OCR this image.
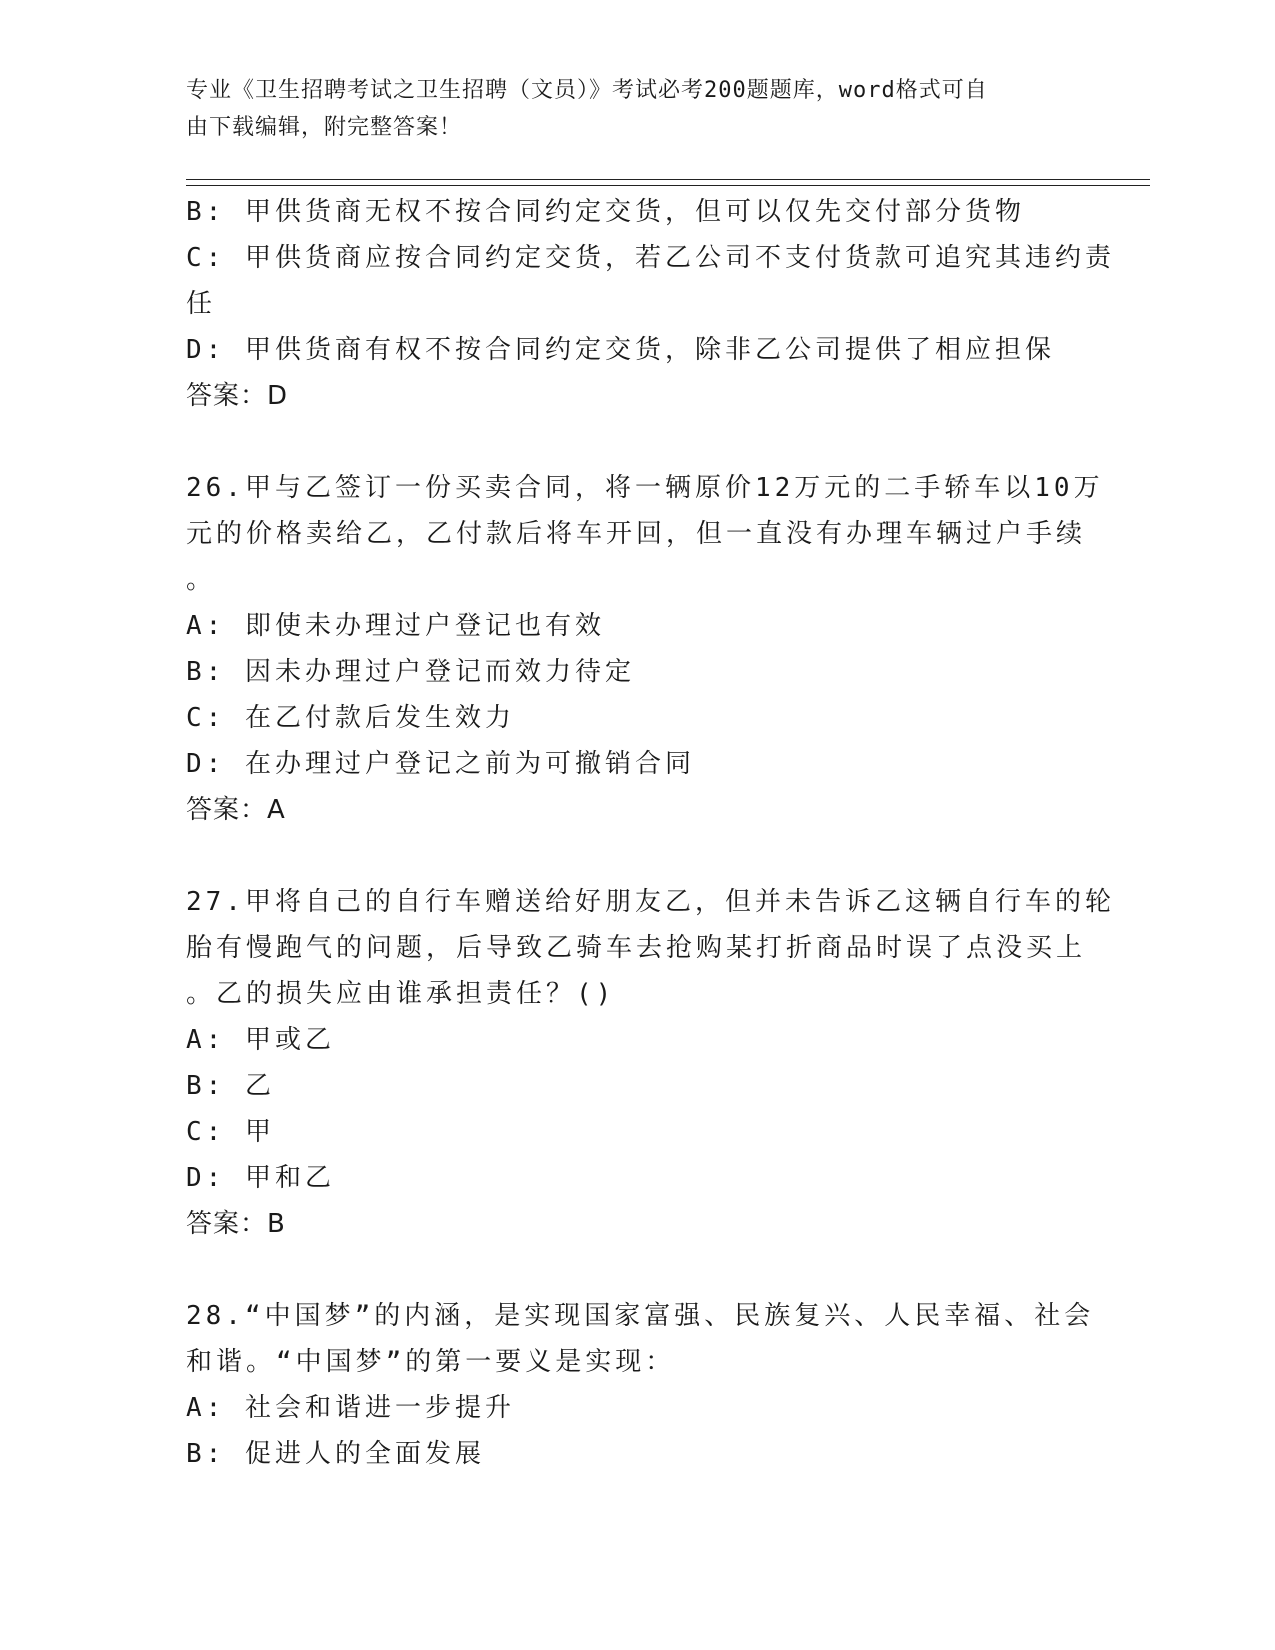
专业《卫生招聘考试之卫生招聘（文员）》考试必考200题题库，word格式可自
由下载编辑，附完整答案！
B: 甲供货商无权不按合同约定交货，但可以仅先交付部分货物
C: 甲供货商应按合同约定交货，若乙公司不支付货款可追究其违约责
任
D: 甲供货商有权不按合同约定交货，除非乙公司提供了相应担保
答案：D
26.甲与乙签订一份买卖合同，将一辆原价12万元的二手轿车以10万
元的价格卖给乙，乙付款后将车开回，但一直没有办理车辆过户手续
。
A: 即使未办理过户登记也有效
B: 因未办理过户登记而效力待定
C: 在乙付款后发生效力
D: 在办理过户登记之前为可撤销合同
答案：A
27.甲将自己的自行车赠送给好朋友乙，但并未告诉乙这辆自行车的轮
胎有慢跑气的问题，后导致乙骑车去抢购某打折商品时误了点没买上
。乙的损失应由谁承担责任？()
A: 甲或乙
B: 乙
C: 甲
D: 甲和乙
答案：B
28.“中国梦”的内涵，是实现国家富强、民族复兴、人民幸福、社会
和谐。“中国梦”的第一要义是实现：
A: 社会和谐进一步提升
B: 促进人的全面发展
